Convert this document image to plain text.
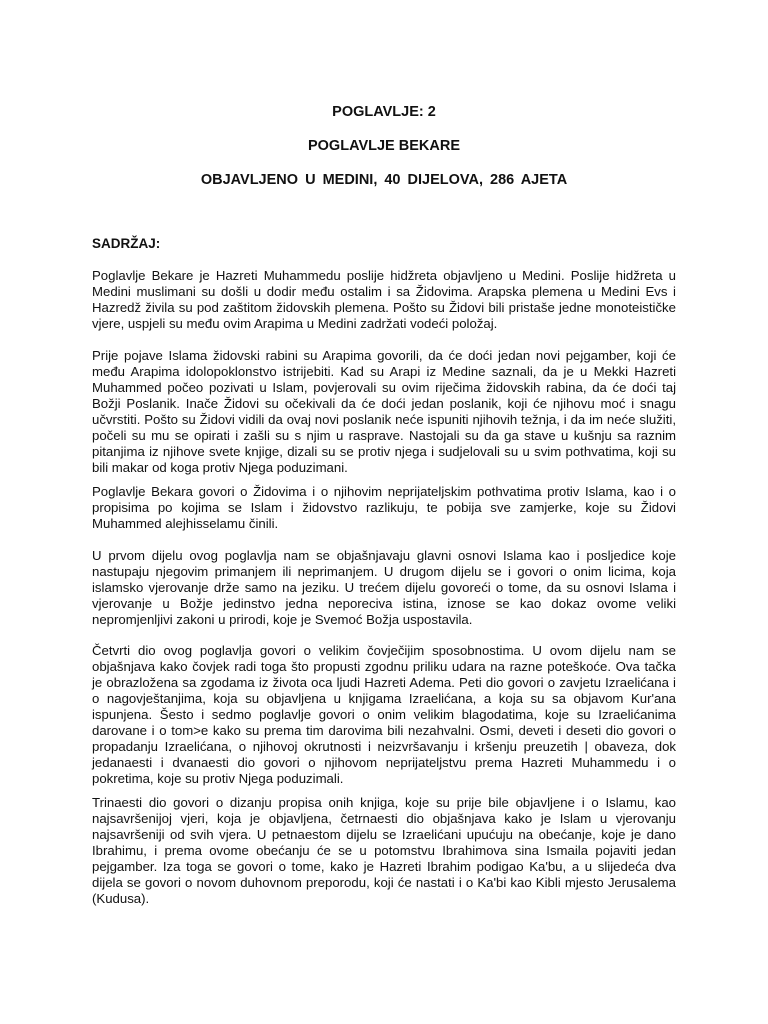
POGLAVLJE: 2
POGLAVLJE BEKARE
OBJAVLJENO U MEDINI, 40 DIJELOVA, 286 AJETA

SADRŽAJ:

Poglavlje Bekare je Hazreti Muhammedu poslije hidžreta objavljeno u Medini. Poslije hidžreta u Medini muslimani su došli u dodir među ostalim i sa Židovima. Arapska plemena u Medini Evs i Hazredž živila su pod zaštitom židovskih plemena. Pošto su Židovi bili pristaše jedne monoteističke vjere, uspjeli su među ovim Arapima u Medini zadržati vodeći položaj.

Prije pojave Islama židovski rabini su Arapima govorili, da će doći jedan novi pejgamber, koji će među Arapima idolopoklonstvo istrijebiti. Kad su Arapi iz Medine saznali, da je u Mekki Hazreti Muhammed počeo pozivati u Islam, povjerovali su ovim riječima židovskih rabina, da će doći taj Božji Poslanik. Inače Židovi su očekivali da će doći jedan poslanik, koji će njihovu moć i snagu učvrstiti. Pošto su Židovi vidili da ovaj novi poslanik neće ispuniti njihovih težnja, i da im neće služiti, počeli su mu se opirati i zašli su s njim u rasprave. Nastojali su da ga stave u kušnju sa raznim pitanjima iz njihove svete knjige, dizali su se protiv njega i sudjelovali su u svim pothvatima, koji su bili makar od koga protiv Njega poduzimani.

Poglavlje Bekara govori o Židovima i o njihovim neprijateljskim pothvatima protiv Islama, kao i o propisima po kojima se Islam i židovstvo razlikuju, te pobija sve zamjerke, koje su Židovi Muhammed alejhisselamu činili.

U prvom dijelu ovog poglavlja nam se objašnjavaju glavni osnovi Islama kao i posljedice koje nastupaju njegovim primanjem ili neprimanjem. U drugom dijelu se i govori o onim licima, koja islamsko vjerovanje drže samo na jeziku. U trećem dijelu govoreći o tome, da su osnovi Islama i vjerovanje u Božje jedinstvo jedna neporeciva istina, iznose se kao dokaz ovome veliki nepromjenljivi zakoni u prirodi, koje je Svemoć Božja uspostavila.

Četvrti dio ovog poglavlja govori o velikim čovječijim sposobnostima. U ovom dijelu nam se objašnjava kako čovjek radi toga što propusti zgodnu priliku udara na razne poteškoće. Ova tačka je obrazložena sa zgodama iz života oca ljudi Hazreti Adema. Peti dio govori o zavjetu Izraelićana i o nagovještanjima, koja su objavljena u knjigama Izraelićana, a koja su sa objavom Kur'ana ispunjena. Šesto i sedmo poglavlje govori o onim velikim blagodatima, koje su Izraelićanima darovane i o tom>e kako su prema tim darovima bili nezahvalni. Osmi, deveti i deseti dio govori o propadanju Izraelićana, o njihovoj okrutnosti i neizvršavanju i kršenju preuzetih | obaveza, dok jedanaesti i dvanaesti dio govori o njihovom neprijateljstvu prema Hazreti Muhammedu i o pokretima, koje su protiv Njega poduzimali.

Trinaesti dio govori o dizanju propisa onih knjiga, koje su prije bile objavljene i o Islamu, kao najsavršenijoj vjeri, koja je objavljena, četrnaesti dio objašnjava kako je Islam u vjerovanju najsavršeniji od svih vjera. U petnaestom dijelu se Izraelićani upućuju na obećanje, koje je dano Ibrahimu, i prema ovome obećanju će se u potomstvu Ibrahimova sina Ismaila pojaviti jedan pejgamber. Iza toga se govori o tome, kako je Hazreti Ibrahim podigao Ka'bu, a u slijedeća dva dijela se govori o novom duhovnom preporodu, koji će nastati i o Ka'bi kao Kibli mjesto Jerusalema (Kudusa).
